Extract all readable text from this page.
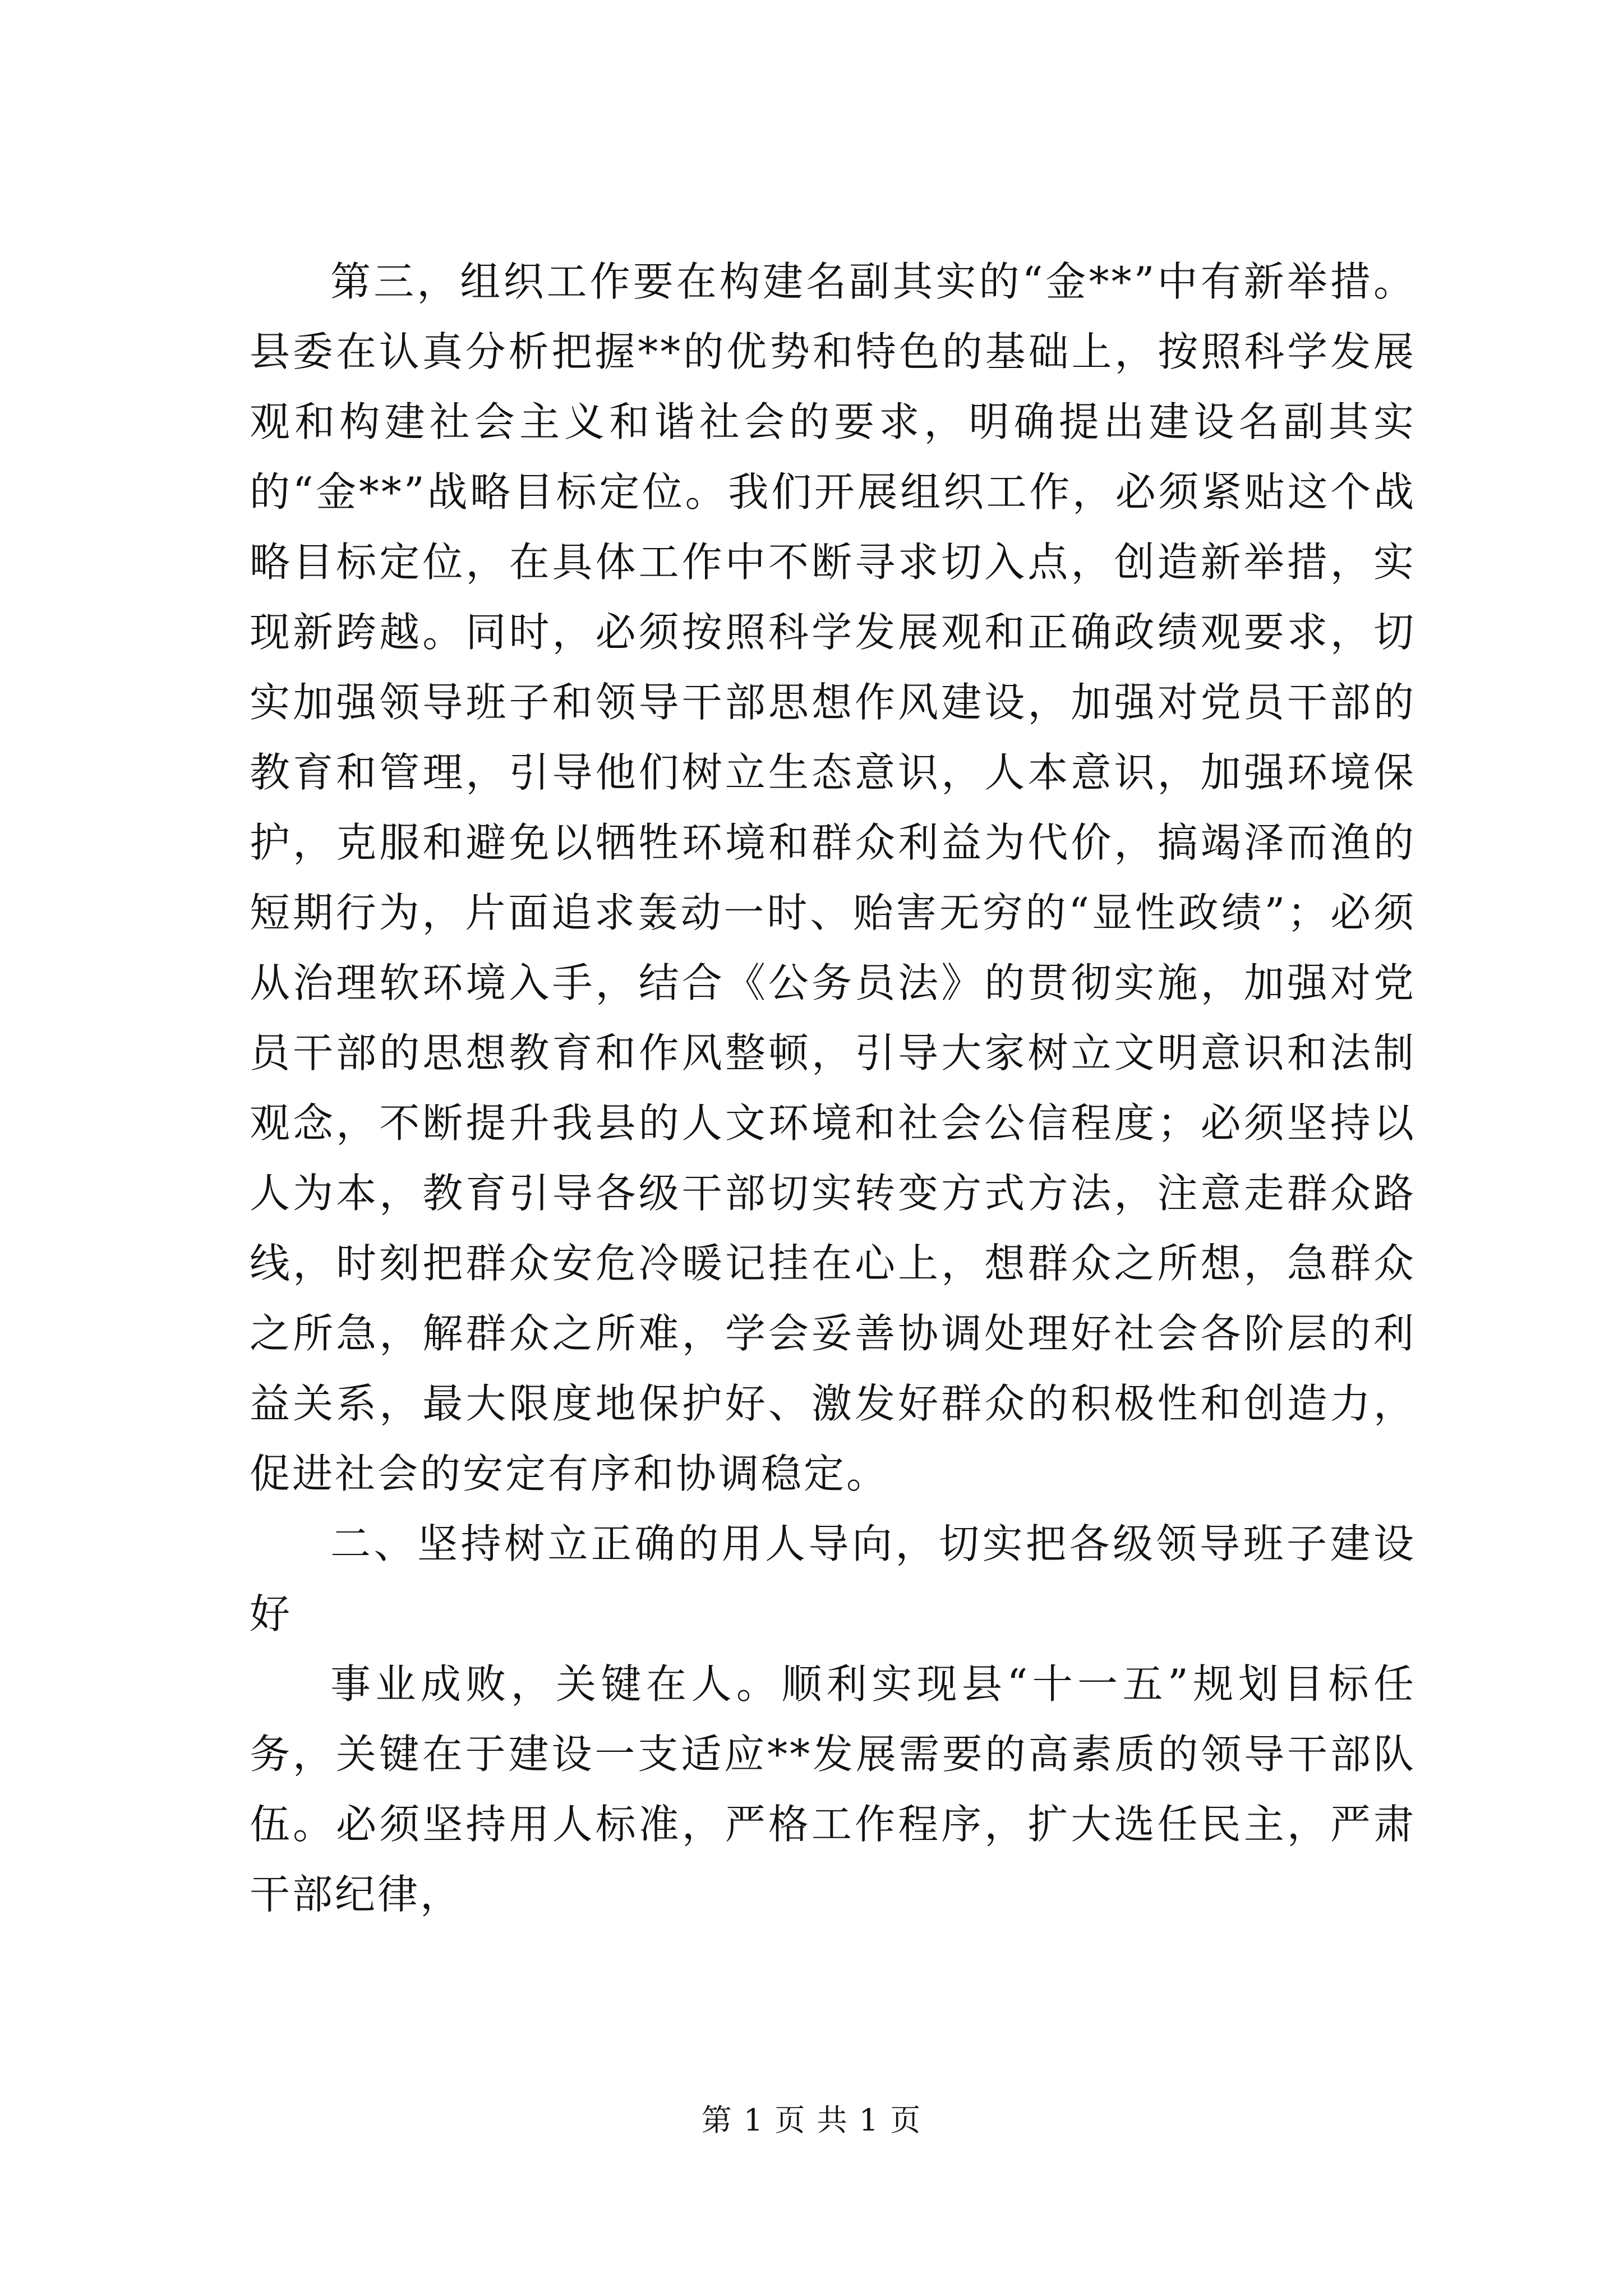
第三，组织工作要在构建名副其实的“金**”中有新举措。县委在认真分析把握**的优势和特色的基础上，按照科学发展观和构建社会主义和谐社会的要求，明确提出建设名副其实的“金**”战略目标定位。我们开展组织工作，必须紧贴这个战略目标定位，在具体工作中不断寻求切入点，创造新举措，实现新跨越。同时，必须按照科学发展观和正确政绩观要求，切实加强领导班子和领导干部思想作风建设，加强对党员干部的教育和管理，引导他们树立生态意识，人本意识，加强环境保护，克服和避免以牺牲环境和群众利益为代价，搞竭泽而渔的短期行为，片面追求轰动一时、贻害无穷的“显性政绩”；必须从治理软环境入手，结合《公务员法》的贯彻实施，加强对党员干部的思想教育和作风整顿，引导大家树立文明意识和法制观念，不断提升我县的人文环境和社会公信程度；必须坚持以人为本，教育引导各级干部切实转变方式方法，注意走群众路线，时刻把群众安危冷暖记挂在心上，想群众之所想，急群众之所急，解群众之所难，学会妥善协调处理好社会各阶层的利益关系，最大限度地保护好、激发好群众的积极性和创造力，促进社会的安定有序和协调稳定。

二、坚持树立正确的用人导向，切实把各级领导班子建设好

事业成败，关键在人。顺利实现县“十一五”规划目标任务，关键在于建设一支适应**发展需要的高素质的领导干部队伍。必须坚持用人标准，严格工作程序，扩大选任民主，严肃干部纪律，

第 1 页 共 1 页
